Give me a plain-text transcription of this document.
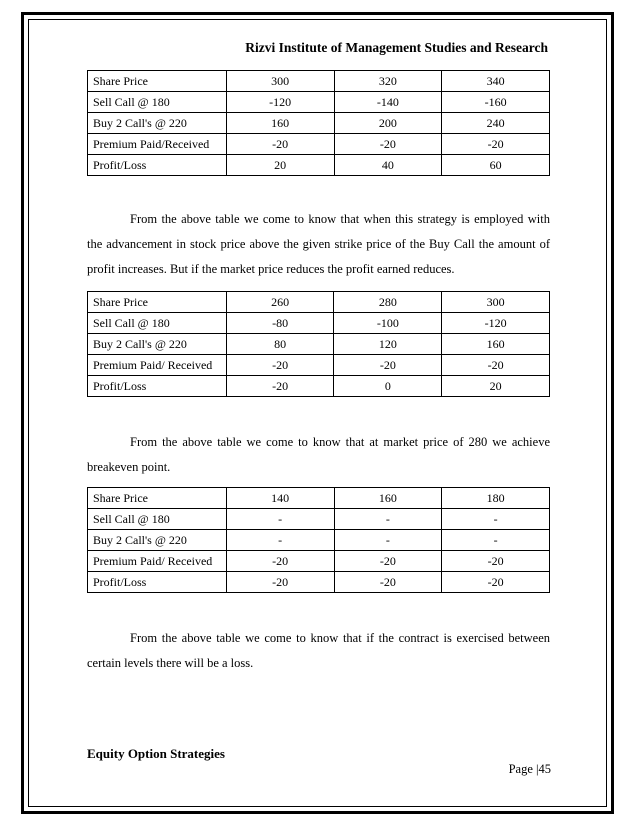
Rizvi Institute of Management Studies and Research
Share Price	300	320	340
Sell Call @ 180	-120	-140	-160
Buy 2 Call's @ 220	160	200	240
Premium Paid/Received	-20	-20	-20
Profit/Loss	20	40	60

From the above table we come to know that when this strategy is employed with the advancement in stock price above the given strike price of the Buy Call the amount of profit increases. But if the market price reduces the profit earned reduces.

Share Price	260	280	300
Sell Call @ 180	-80	-100	-120
Buy 2 Call's @ 220	80	120	160
Premium Paid/ Received	-20	-20	-20
Profit/Loss	-20	0	20

From the above table we come to know that at market price of 280 we achieve breakeven point.

Share Price	140	160	180
Sell Call @ 180	-	-	-
Buy 2 Call's @ 220	-	-	-
Premium Paid/ Received	-20	-20	-20
Profit/Loss	-20	-20	-20

From the above table we come to know that if the contract is exercised between certain levels there will be a loss.

Equity Option Strategies
Page |45
